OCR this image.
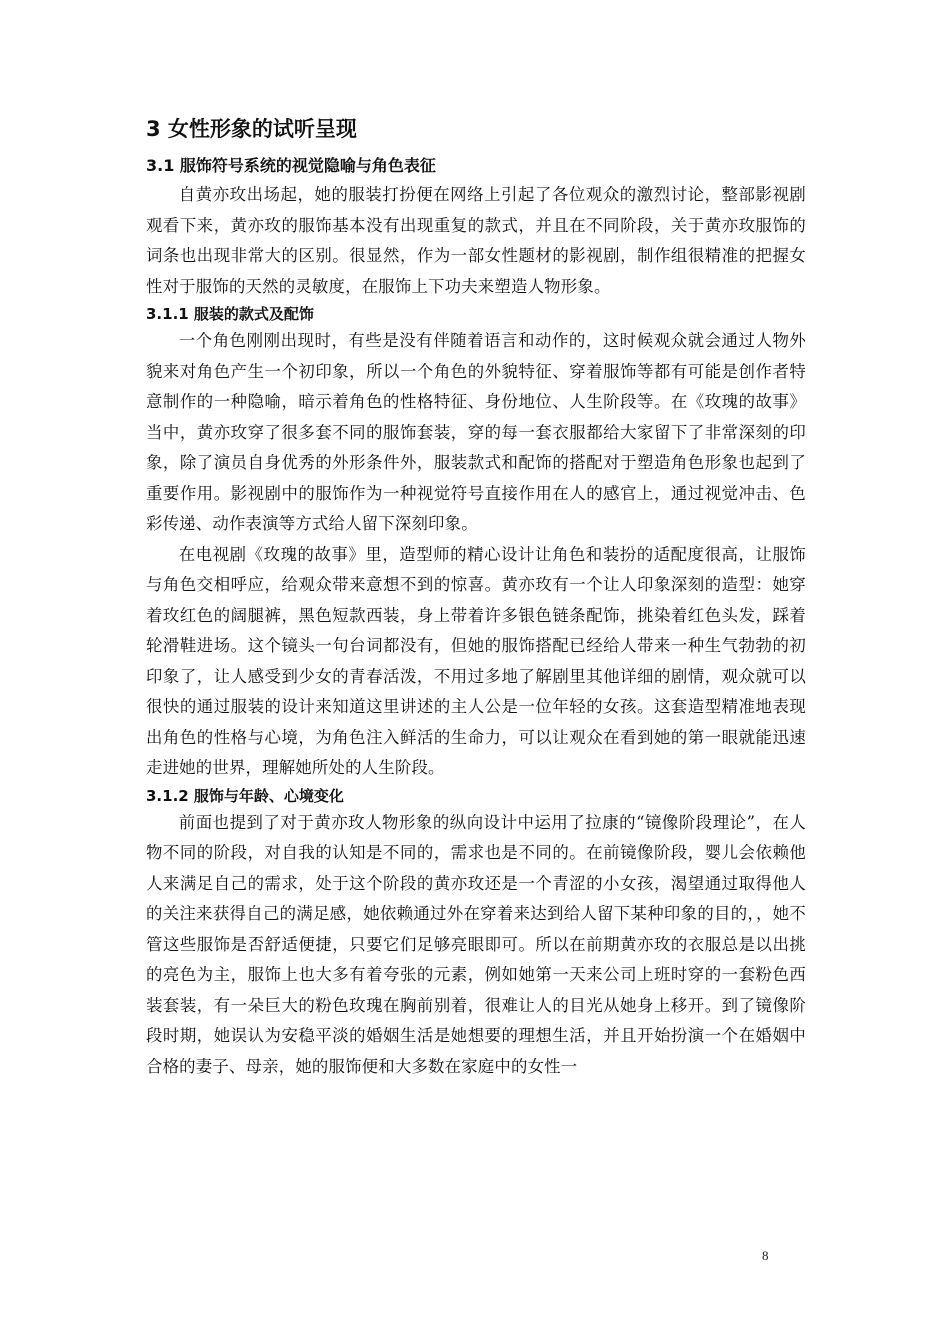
3 女性形象的试听呈现
3.1 服饰符号系统的视觉隐喻与角色表征

自黄亦玫出场起，她的服装打扮便在网络上引起了各位观众的激烈讨论，整部影视剧观看下来，黄亦玫的服饰基本没有出现重复的款式，并且在不同阶段，关于黄亦玫服饰的词条也出现非常大的区别。很显然，作为一部女性题材的影视剧，制作组很精准的把握女性对于服饰的天然的灵敏度，在服饰上下功夫来塑造人物形象。

3.1.1 服装的款式及配饰

一个角色刚刚出现时，有些是没有伴随着语言和动作的，这时候观众就会通过人物外貌来对角色产生一个初印象，所以一个角色的外貌特征、穿着服饰等都有可能是创作者特意制作的一种隐喻，暗示着角色的性格特征、身份地位、人生阶段等。在《玫瑰的故事》当中，黄亦玫穿了很多套不同的服饰套装，穿的每一套衣服都给大家留下了非常深刻的印象，除了演员自身优秀的外形条件外，服装款式和配饰的搭配对于塑造角色形象也起到了重要作用。影视剧中的服饰作为一种视觉符号直接作用在人的感官上，通过视觉冲击、色彩传递、动作表演等方式给人留下深刻印象。

在电视剧《玫瑰的故事》里，造型师的精心设计让角色和装扮的适配度很高，让服饰与角色交相呼应，给观众带来意想不到的惊喜。黄亦玫有一个让人印象深刻的造型：她穿着玫红色的阔腿裤，黑色短款西装，身上带着许多银色链条配饰，挑染着红色头发，踩着轮滑鞋进场。这个镜头一句台词都没有，但她的服饰搭配已经给人带来一种生气勃勃的初印象了，让人感受到少女的青春活泼，不用过多地了解剧里其他详细的剧情，观众就可以很快的通过服装的设计来知道这里讲述的主人公是一位年轻的女孩。这套造型精准地表现出角色的性格与心境，为角色注入鲜活的生命力，可以让观众在看到她的第一眼就能迅速走进她的世界，理解她所处的人生阶段。

3.1.2 服饰与年龄、心境变化

前面也提到了对于黄亦玫人物形象的纵向设计中运用了拉康的“镜像阶段理论”，在人物不同的阶段，对自我的认知是不同的，需求也是不同的。在前镜像阶段，婴儿会依赖他人来满足自己的需求，处于这个阶段的黄亦玫还是一个青涩的小女孩，渴望通过取得他人的关注来获得自己的满足感，她依赖通过外在穿着来达到给人留下某种印象的目的，，她不管这些服饰是否舒适便捷，只要它们足够亮眼即可。所以在前期黄亦玫的衣服总是以出挑的亮色为主，服饰上也大多有着夸张的元素，例如她第一天来公司上班时穿的一套粉色西装套装，有一朵巨大的粉色玫瑰在胸前别着，很难让人的目光从她身上移开。到了镜像阶段时期，她误认为安稳平淡的婚姻生活是她想要的理想生活，并且开始扮演一个在婚姻中合格的妻子、母亲，她的服饰便和大多数在家庭中的女性一

8
